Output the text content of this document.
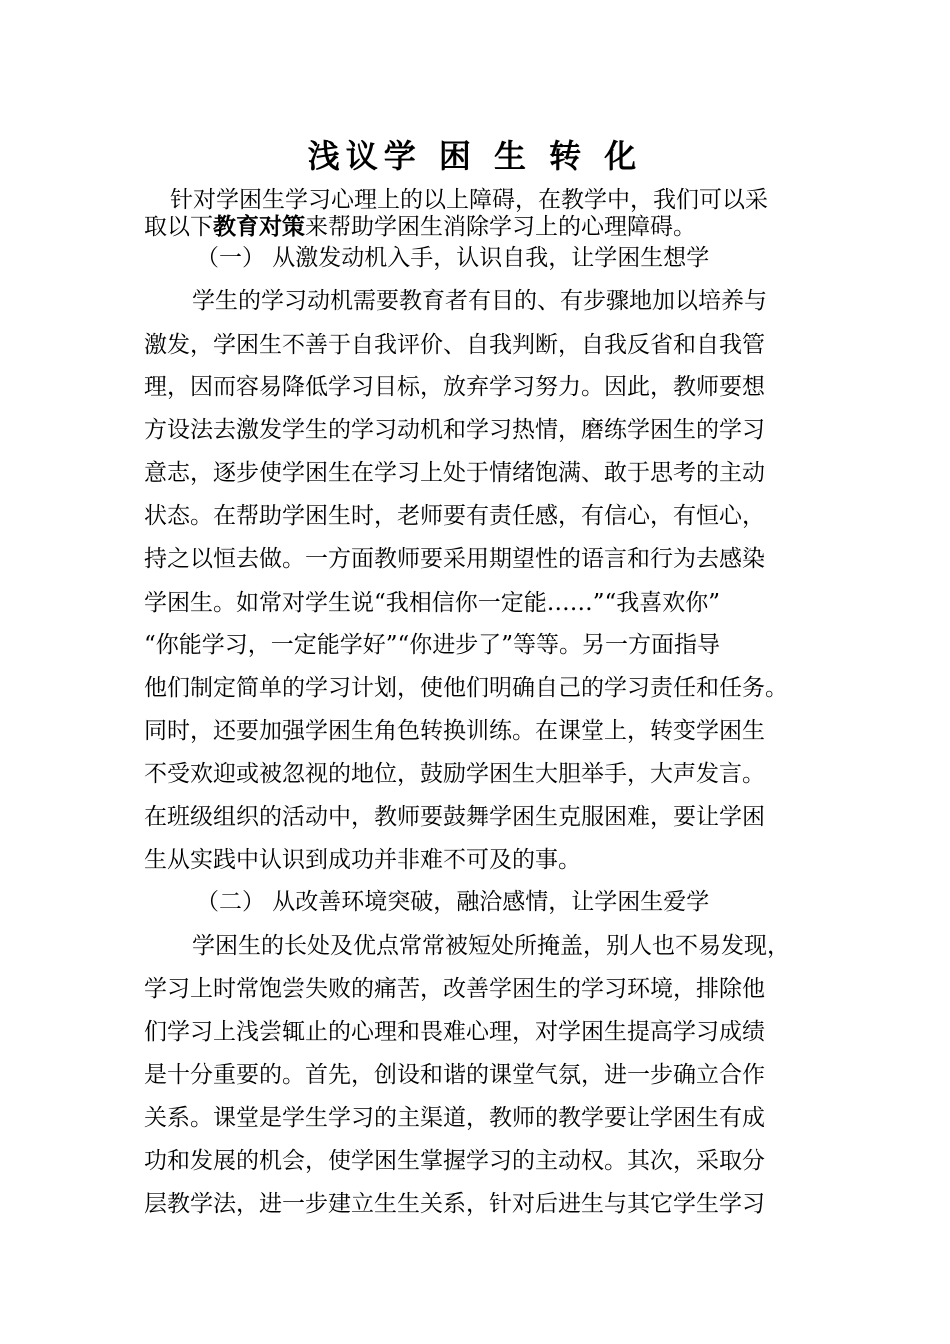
浅议学 困 生 转 化
针对学困生学习心理上的以上障碍，在教学中，我们可以采
取以下教育对策来帮助学困生消除学习上的心理障碍。
（一） 从激发动机入手，认识自我，让学困生想学
学生的学习动机需要教育者有目的、有步骤地加以培养与
激发，学困生不善于自我评价、自我判断，自我反省和自我管
理，因而容易降低学习目标，放弃学习努力。因此，教师要想
方设法去激发学生的学习动机和学习热情，磨练学困生的学习
意志，逐步使学困生在学习上处于情绪饱满、敢于思考的主动
状态。在帮助学困生时，老师要有责任感，有信心，有恒心，
持之以恒去做。一方面教师要采用期望性的语言和行为去感染
学困生。如常对学生说“我相信你一定能……”“我喜欢你”
“你能学习，一定能学好”“你进步了”等等。另一方面指导
他们制定简单的学习计划，使他们明确自己的学习责任和任务。
同时，还要加强学困生角色转换训练。在课堂上，转变学困生
不受欢迎或被忽视的地位，鼓励学困生大胆举手，大声发言。
在班级组织的活动中，教师要鼓舞学困生克服困难，要让学困
生从实践中认识到成功并非难不可及的事。
（二） 从改善环境突破，融洽感情，让学困生爱学
学困生的长处及优点常常被短处所掩盖，别人也不易发现，
学习上时常饱尝失败的痛苦，改善学困生的学习环境，排除他
们学习上浅尝辄止的心理和畏难心理，对学困生提高学习成绩
是十分重要的。首先，创设和谐的课堂气氛，进一步确立合作
关系。课堂是学生学习的主渠道，教师的教学要让学困生有成
功和发展的机会，使学困生掌握学习的主动权。其次，采取分
层教学法，进一步建立生生关系，针对后进生与其它学生学习
